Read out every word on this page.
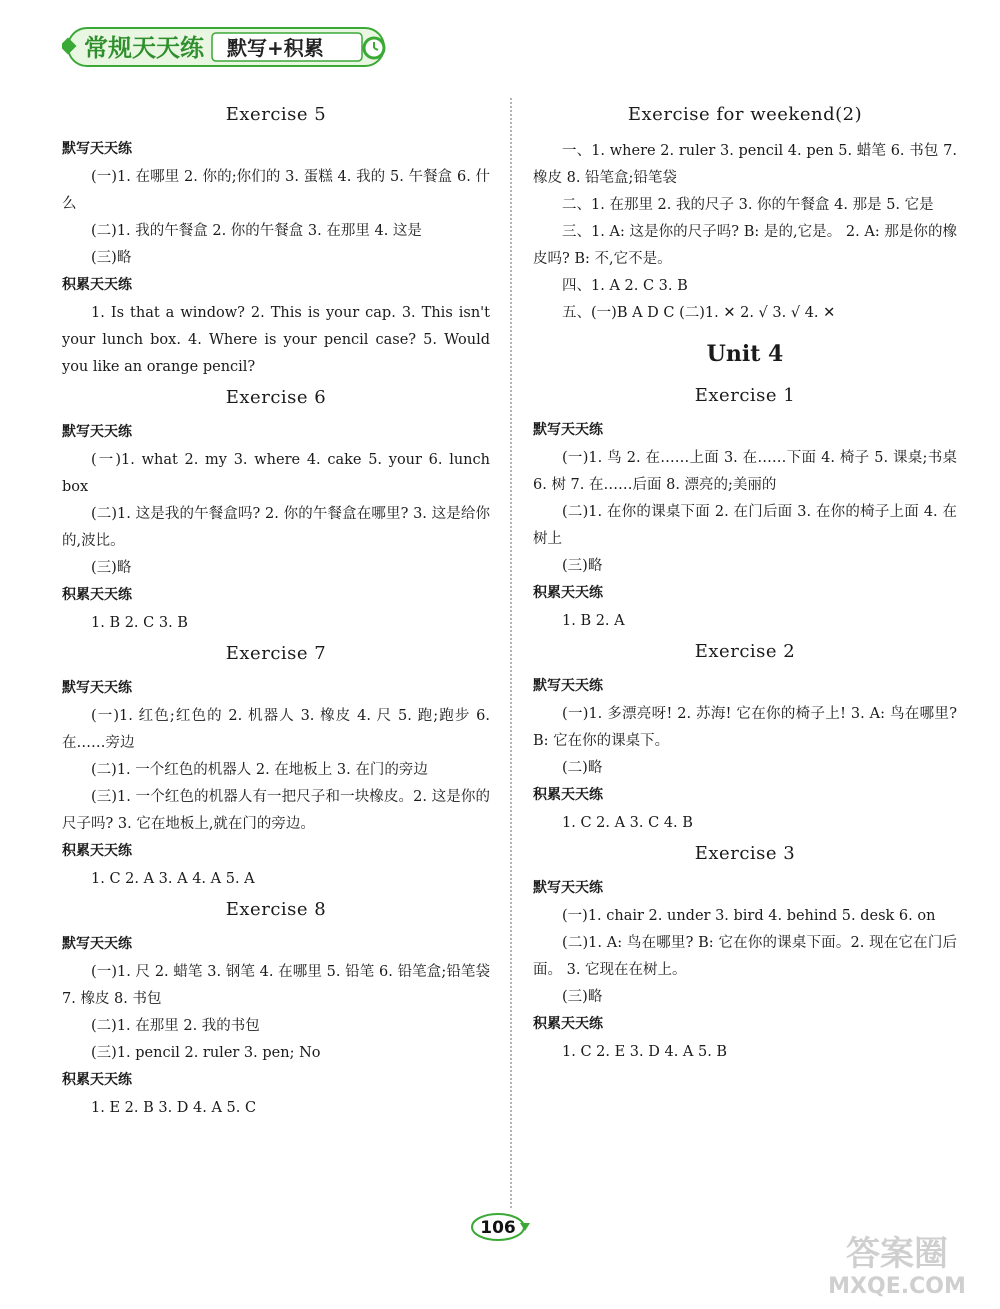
常规天天练 默写+积累
Exercise 5
默写天天练

(一)1. 在哪里 2. 你的;你们的 3. 蛋糕 4. 我的 5. 午餐盒 6. 什么

(二)1. 我的午餐盒 2. 你的午餐盒 3. 在那里 4. 这是

(三)略

积累天天练

1. Is that a window? 2. This is your cap. 3. This isn't your lunch box. 4. Where is your pencil case? 5. Would you like an orange pencil?

Exercise 6
默写天天练

(一)1. what 2. my 3. where 4. cake 5. your 6. lunch box

(二)1. 这是我的午餐盒吗? 2. 你的午餐盒在哪里? 3. 这是给你的,波比。

(三)略

积累天天练

1. B 2. C 3. B

Exercise 7
默写天天练

(一)1. 红色;红色的 2. 机器人 3. 橡皮 4. 尺 5. 跑;跑步 6. 在……旁边

(二)1. 一个红色的机器人 2. 在地板上 3. 在门的旁边

(三)1. 一个红色的机器人有一把尺子和一块橡皮。2. 这是你的尺子吗? 3. 它在地板上,就在门的旁边。

积累天天练

1. C 2. A 3. A 4. A 5. A

Exercise 8
默写天天练

(一)1. 尺 2. 蜡笔 3. 钢笔 4. 在哪里 5. 铅笔 6. 铅笔盒;铅笔袋 7. 橡皮 8. 书包

(二)1. 在那里 2. 我的书包

(三)1. pencil 2. ruler 3. pen; No

积累天天练

1. E 2. B 3. D 4. A 5. C

Exercise for weekend(2)

一、1. where 2. ruler 3. pencil 4. pen 5. 蜡笔 6. 书包 7. 橡皮 8. 铅笔盒;铅笔袋

二、1. 在那里 2. 我的尺子 3. 你的午餐盒 4. 那是 5. 它是

三、1. A: 这是你的尺子吗? B: 是的,它是。 2. A: 那是你的橡皮吗? B: 不,它不是。

四、1. A 2. C 3. B

五、(一)B A D C (二)1. ✕ 2. √ 3. √ 4. ✕

Unit 4
Exercise 1
默写天天练

(一)1. 鸟 2. 在……上面 3. 在……下面 4. 椅子 5. 课桌;书桌 6. 树 7. 在……后面 8. 漂亮的;美丽的

(二)1. 在你的课桌下面 2. 在门后面 3. 在你的椅子上面 4. 在树上

(三)略

积累天天练

1. B 2. A

Exercise 2
默写天天练

(一)1. 多漂亮呀! 2. 苏海! 它在你的椅子上! 3. A: 鸟在哪里? B: 它在你的课桌下。

(二)略

积累天天练

1. C 2. A 3. C 4. B

Exercise 3
默写天天练

(一)1. chair 2. under 3. bird 4. behind 5. desk 6. on

(二)1. A: 鸟在哪里? B: 它在你的课桌下面。2. 现在它在门后面。 3. 它现在在树上。

(三)略

积累天天练

1. C 2. E 3. D 4. A 5. B

106
答案圈
MXQE.COM
